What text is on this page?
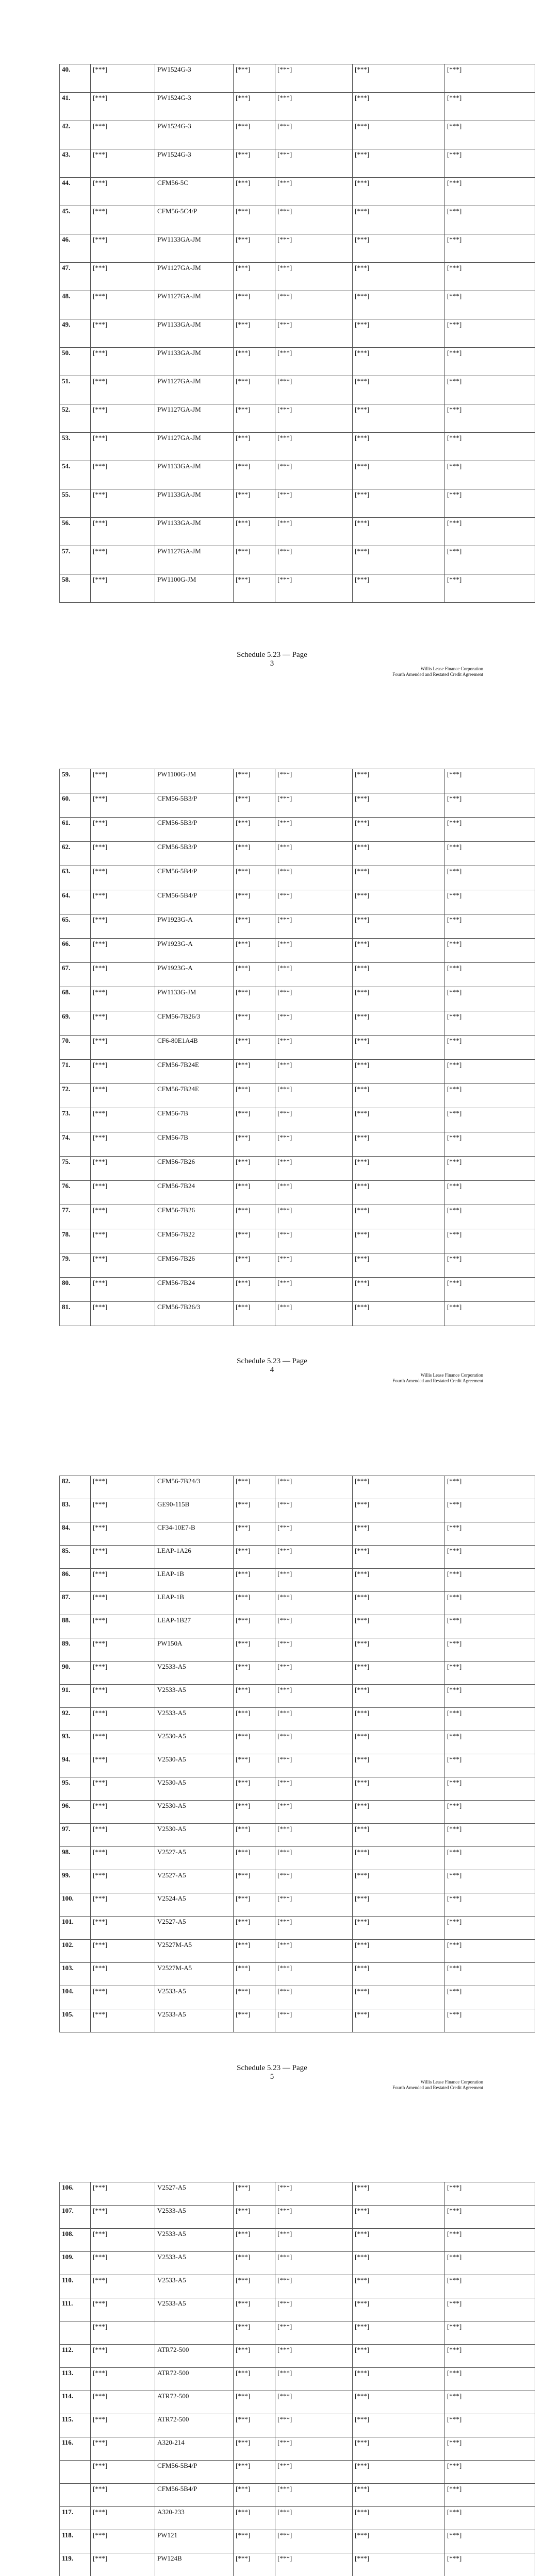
40.	[***]	PW1524G-3	[***]	[***]	[***]	[***]
41.	[***]	PW1524G-3	[***]	[***]	[***]	[***]
42.	[***]	PW1524G-3	[***]	[***]	[***]	[***]
43.	[***]	PW1524G-3	[***]	[***]	[***]	[***]
44.	[***]	CFM56-5C	[***]	[***]	[***]	[***]
45.	[***]	CFM56-5C4/P	[***]	[***]	[***]	[***]
46.	[***]	PW1133GA-JM	[***]	[***]	[***]	[***]
47.	[***]	PW1127GA-JM	[***]	[***]	[***]	[***]
48.	[***]	PW1127GA-JM	[***]	[***]	[***]	[***]
49.	[***]	PW1133GA-JM	[***]	[***]	[***]	[***]
50.	[***]	PW1133GA-JM	[***]	[***]	[***]	[***]
51.	[***]	PW1127GA-JM	[***]	[***]	[***]	[***]
52.	[***]	PW1127GA-JM	[***]	[***]	[***]	[***]
53.	[***]	PW1127GA-JM	[***]	[***]	[***]	[***]
54.	[***]	PW1133GA-JM	[***]	[***]	[***]	[***]
55.	[***]	PW1133GA-JM	[***]	[***]	[***]	[***]
56.	[***]	PW1133GA-JM	[***]	[***]	[***]	[***]
57.	[***]	PW1127GA-JM	[***]	[***]	[***]	[***]
58.	[***]	PW1100G-JM	[***]	[***]	[***]	[***]
Schedule 5.23 — Page
3
Willis Lease Finance Corporation
Fourth Amended and Restated Credit Agreement
59.	[***]	PW1100G-JM	[***]	[***]	[***]	[***]
60.	[***]	CFM56-5B3/P	[***]	[***]	[***]	[***]
61.	[***]	CFM56-5B3/P	[***]	[***]	[***]	[***]
62.	[***]	CFM56-5B3/P	[***]	[***]	[***]	[***]
63.	[***]	CFM56-5B4/P	[***]	[***]	[***]	[***]
64.	[***]	CFM56-5B4/P	[***]	[***]	[***]	[***]
65.	[***]	PW1923G-A	[***]	[***]	[***]	[***]
66.	[***]	PW1923G-A	[***]	[***]	[***]	[***]
67.	[***]	PW1923G-A	[***]	[***]	[***]	[***]
68.	[***]	PW1133G-JM	[***]	[***]	[***]	[***]
69.	[***]	CFM56-7B26/3	[***]	[***]	[***]	[***]
70.	[***]	CF6-80E1A4B	[***]	[***]	[***]	[***]
71.	[***]	CFM56-7B24E	[***]	[***]	[***]	[***]
72.	[***]	CFM56-7B24E	[***]	[***]	[***]	[***]
73.	[***]	CFM56-7B	[***]	[***]	[***]	[***]
74.	[***]	CFM56-7B	[***]	[***]	[***]	[***]
75.	[***]	CFM56-7B26	[***]	[***]	[***]	[***]
76.	[***]	CFM56-7B24	[***]	[***]	[***]	[***]
77.	[***]	CFM56-7B26	[***]	[***]	[***]	[***]
78.	[***]	CFM56-7B22	[***]	[***]	[***]	[***]
79.	[***]	CFM56-7B26	[***]	[***]	[***]	[***]
80.	[***]	CFM56-7B24	[***]	[***]	[***]	[***]
81.	[***]	CFM56-7B26/3	[***]	[***]	[***]	[***]
Schedule 5.23 — Page
4
Willis Lease Finance Corporation
Fourth Amended and Restated Credit Agreement
82.	[***]	CFM56-7B24/3	[***]	[***]	[***]	[***]
83.	[***]	GE90-115B	[***]	[***]	[***]	[***]
84.	[***]	CF34-10E7-B	[***]	[***]	[***]	[***]
85.	[***]	LEAP-1A26	[***]	[***]	[***]	[***]
86.	[***]	LEAP-1B	[***]	[***]	[***]	[***]
87.	[***]	LEAP-1B	[***]	[***]	[***]	[***]
88.	[***]	LEAP-1B27	[***]	[***]	[***]	[***]
89.	[***]	PW150A	[***]	[***]	[***]	[***]
90.	[***]	V2533-A5	[***]	[***]	[***]	[***]
91.	[***]	V2533-A5	[***]	[***]	[***]	[***]
92.	[***]	V2533-A5	[***]	[***]	[***]	[***]
93.	[***]	V2530-A5	[***]	[***]	[***]	[***]
94.	[***]	V2530-A5	[***]	[***]	[***]	[***]
95.	[***]	V2530-A5	[***]	[***]	[***]	[***]
96.	[***]	V2530-A5	[***]	[***]	[***]	[***]
97.	[***]	V2530-A5	[***]	[***]	[***]	[***]
98.	[***]	V2527-A5	[***]	[***]	[***]	[***]
99.	[***]	V2527-A5	[***]	[***]	[***]	[***]
100.	[***]	V2524-A5	[***]	[***]	[***]	[***]
101.	[***]	V2527-A5	[***]	[***]	[***]	[***]
102.	[***]	V2527M-A5	[***]	[***]	[***]	[***]
103.	[***]	V2527M-A5	[***]	[***]	[***]	[***]
104.	[***]	V2533-A5	[***]	[***]	[***]	[***]
105.	[***]	V2533-A5	[***]	[***]	[***]	[***]
Schedule 5.23 — Page
5
Willis Lease Finance Corporation
Fourth Amended and Restated Credit Agreement
106.	[***]	V2527-A5	[***]	[***]	[***]	[***]
107.	[***]	V2533-A5	[***]	[***]	[***]	[***]
108.	[***]	V2533-A5	[***]	[***]	[***]	[***]
109.	[***]	V2533-A5	[***]	[***]	[***]	[***]
110.	[***]	V2533-A5	[***]	[***]	[***]	[***]
111.	[***]	V2533-A5	[***]	[***]	[***]	[***]
	[***]		[***]	[***]	[***]	[***]
112.	[***]	ATR72-500	[***]	[***]	[***]	[***]
113.	[***]	ATR72-500	[***]	[***]	[***]	[***]
114.	[***]	ATR72-500	[***]	[***]	[***]	[***]
115.	[***]	ATR72-500	[***]	[***]	[***]	[***]
116.	[***]	A320-214	[***]	[***]	[***]	[***]
	[***]	CFM56-5B4/P	[***]	[***]	[***]	[***]
	[***]	CFM56-5B4/P	[***]	[***]	[***]	[***]
117.	[***]	A320-233	[***]	[***]	[***]	[***]
118.	[***]	PW121	[***]	[***]	[***]	[***]
119.	[***]	PW124B	[***]	[***]	[***]	[***]
